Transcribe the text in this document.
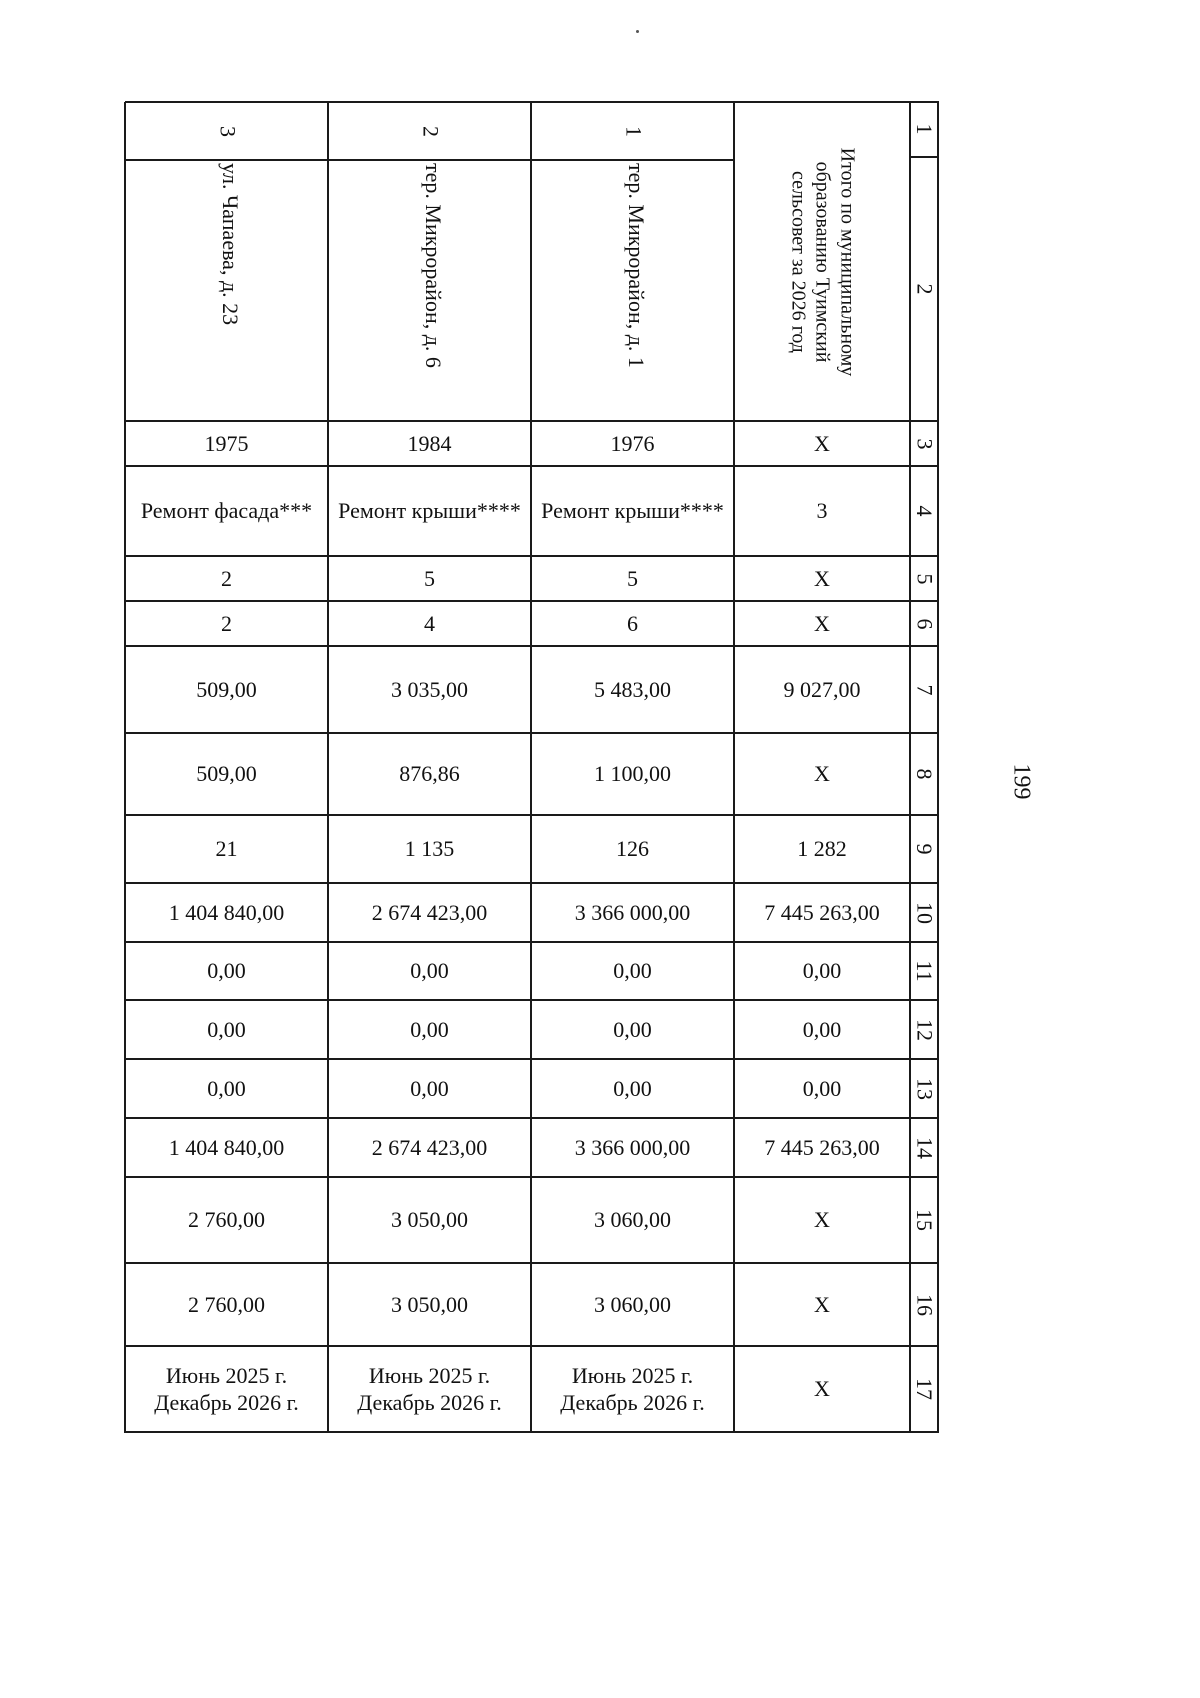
3
ул. Чапаева, д. 23
1975
Ремонт фасада***
2
2
509,00
509,00
21
1 404 840,00
0,00
0,00
0,00
1 404 840,00
2 760,00
2 760,00
Июнь 2025 г.
Декабрь 2026 г.
2
тер. Микрорайон, д. 6
1984
Ремонт крыши****
5
4
3 035,00
876,86
1 135
2 674 423,00
0,00
0,00
0,00
2 674 423,00
3 050,00
3 050,00
Июнь 2025 г.
Декабрь 2026 г.
1
тер. Микрорайон, д. 1
1976
Ремонт крыши****
5
6
5 483,00
1 100,00
126
3 366 000,00
0,00
0,00
0,00
3 366 000,00
3 060,00
3 060,00
Июнь 2025 г.
Декабрь 2026 г.
Итого по муниципальному
образованию Туимский
сельсовет за 2026 год
X
3
X
X
9 027,00
X
1 282
7 445 263,00
0,00
0,00
0,00
7 445 263,00
X
X
X
1
2
3
4
5
6
7
8
9
10
11
12
13
14
15
16
17
199
